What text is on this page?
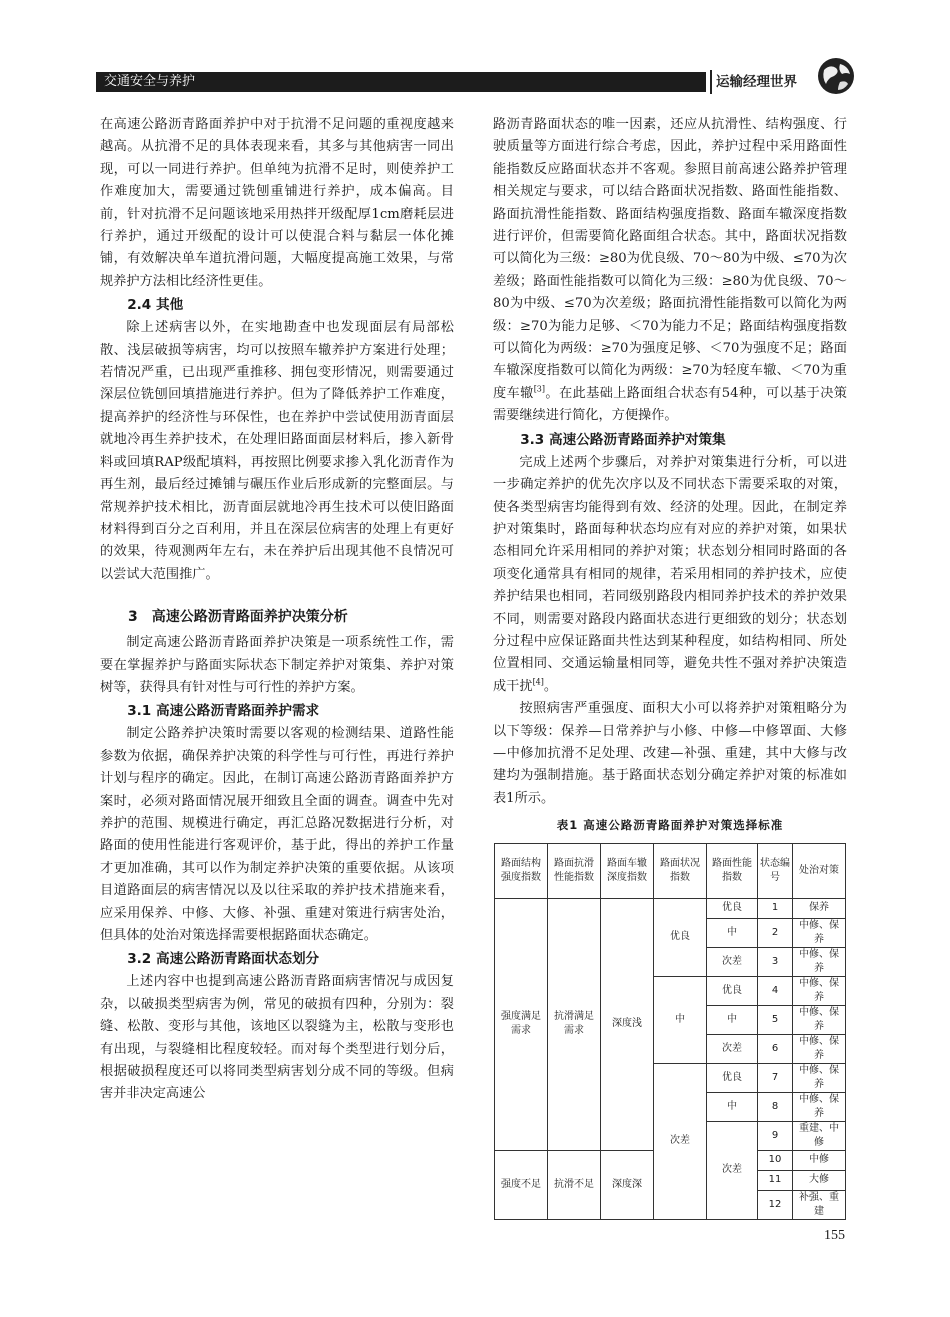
交通安全与养护	运输经理世界

在高速公路沥青路面养护中对于抗滑不足问题的重视度越来越高。从抗滑不足的具体表现来看，其多与其他病害一同出现，可以一同进行养护。但单纯为抗滑不足时，则使养护工作难度加大，需要通过铣刨重铺进行养护，成本偏高。目前，针对抗滑不足问题该地采用热拌开级配厚1cm磨耗层进行养护，通过开级配的设计可以使混合料与黏层一体化摊铺，有效解决单车道抗滑问题，大幅度提高施工效果，与常规养护方法相比经济性更佳。

2.4 其他

除上述病害以外，在实地勘查中也发现面层有局部松散、浅层破损等病害，均可以按照车辙养护方案进行处理；若情况严重，已出现严重推移、拥包变形情况，则需要通过深层位铣刨回填措施进行养护。但为了降低养护工作难度，提高养护的经济性与环保性，也在养护中尝试使用沥青面层就地冷再生养护技术，在处理旧路面面层材料后，掺入新骨料或回填RAP级配填料，再按照比例要求掺入乳化沥青作为再生剂，最后经过摊铺与碾压作业后形成新的完整面层。与常规养护技术相比，沥青面层就地冷再生技术可以使旧路面材料得到百分之百利用，并且在深层位病害的处理上有更好的效果，待观测两年左右，未在养护后出现其他不良情况可以尝试大范围推广。

3　高速公路沥青路面养护决策分析

制定高速公路沥青路面养护决策是一项系统性工作，需要在掌握养护与路面实际状态下制定养护对策集、养护对策树等，获得具有针对性与可行性的养护方案。

3.1 高速公路沥青路面养护需求

制定公路养护决策时需要以客观的检测结果、道路性能参数为依据，确保养护决策的科学性与可行性，再进行养护计划与程序的确定。因此，在制订高速公路沥青路面养护方案时，必须对路面情况展开细致且全面的调查。调查中先对养护的范围、规模进行确定，再汇总路况数据进行分析，对路面的使用性能进行客观评价，基于此，得出的养护工作量才更加准确，其可以作为制定养护决策的重要依据。从该项目道路面层的病害情况以及以往采取的养护技术措施来看，应采用保养、中修、大修、补强、重建对策进行病害处治，但具体的处治对策选择需要根据路面状态确定。

3.2 高速公路沥青路面状态划分

上述内容中也提到高速公路沥青路面病害情况与成因复杂，以破损类型病害为例，常见的破损有四种，分别为：裂缝、松散、变形与其他，该地区以裂缝为主，松散与变形也有出现，与裂缝相比程度较轻。而对每个类型进行划分后，根据破损程度还可以将同类型病害划分成不同的等级。但病害并非决定高速公

路沥青路面状态的唯一因素，还应从抗滑性、结构强度、行驶质量等方面进行综合考虑，因此，养护过程中采用路面性能指数反应路面状态并不客观。参照目前高速公路养护管理相关规定与要求，可以结合路面状况指数、路面性能指数、路面抗滑性能指数、路面结构强度指数、路面车辙深度指数进行评价，但需要简化路面组合状态。其中，路面状况指数可以简化为三级：≥80为优良级、70～80为中级、≤70为次差级；路面性能指数可以简化为三级：≥80为优良级、70～80为中级、≤70为次差级；路面抗滑性能指数可以简化为两级：≥70为能力足够、＜70为能力不足；路面结构强度指数可以简化为两级：≥70为强度足够、＜70为强度不足；路面车辙深度指数可以简化为两级：≥70为轻度车辙、＜70为重度车辙[3]。在此基础上路面组合状态有54种，可以基于决策需要继续进行简化，方便操作。

3.3 高速公路沥青路面养护对策集

完成上述两个步骤后，对养护对策集进行分析，可以进一步确定养护的优先次序以及不同状态下需要采取的对策，使各类型病害均能得到有效、经济的处理。因此，在制定养护对策集时，路面每种状态均应有对应的养护对策，如果状态相同允许采用相同的养护对策；状态划分相同时路面的各项变化通常具有相同的规律，若采用相同的养护技术，应使养护结果也相同，若同级别路段内相同养护技术的养护效果不同，则需要对路段内路面状态进行更细致的划分；状态划分过程中应保证路面共性达到某种程度，如结构相同、所处位置相同、交通运输量相同等，避免共性不强对养护决策造成干扰[4]。

按照病害严重强度、面积大小可以将养护对策粗略分为以下等级：保养—日常养护与小修、中修—中修罩面、大修—中修加抗滑不足处理、改建—补强、重建，其中大修与改建均为强制措施。基于路面状态划分确定养护对策的标准如表1所示。

表1 高速公路沥青路面养护对策选择标准
路面结构强度指数	路面抗滑性能指数	路面车辙深度指数	路面状况指数	路面性能指数	状态编号	处治对策
强度满足需求	抗滑满足需求	深度浅	优良	优良	1	保养
				中	2	中修、保养
				次差	3	中修、保养
			中	优良	4	中修、保养
				中	5	中修、保养
				次差	6	中修、保养
			次差	优良	7	中修、保养
				中	8	中修、保养
				次差	9	重建、中修
强度不足	抗滑不足	深度深			10	中修
					11	大修
					12	补强、重建
155
